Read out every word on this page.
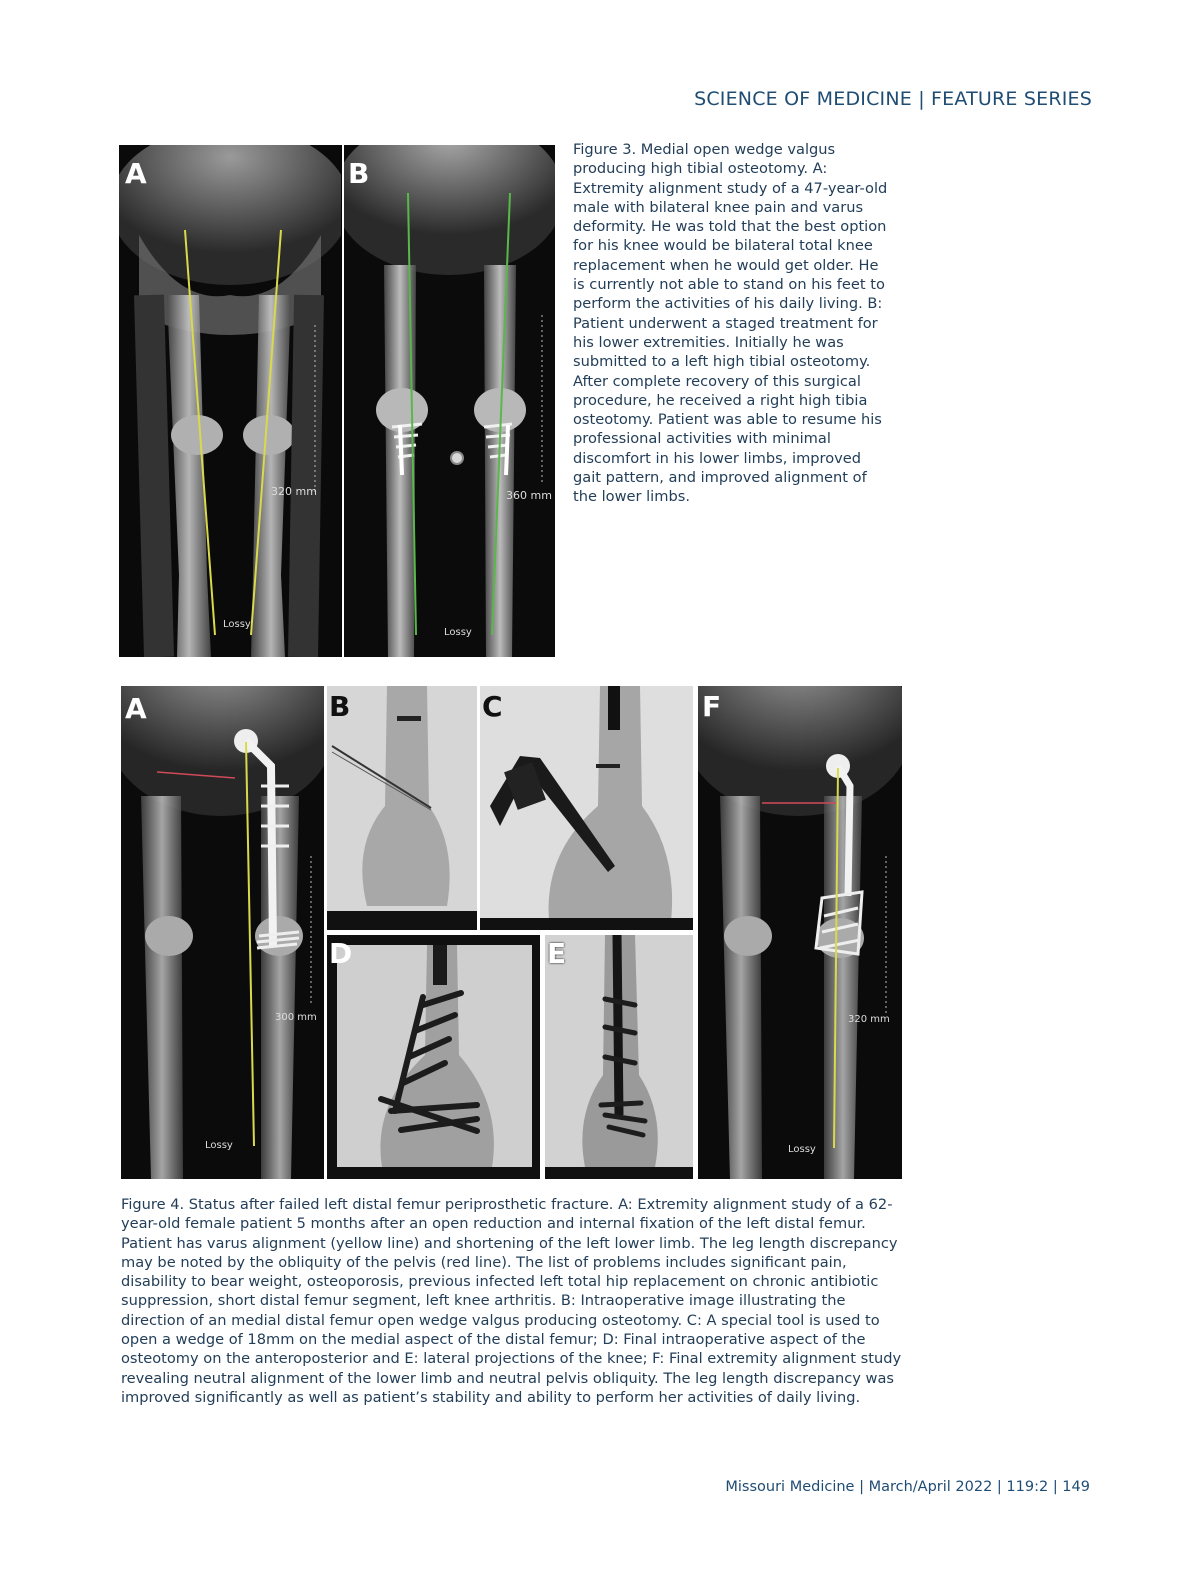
SCIENCE OF MEDICINE | FEATURE SERIES
A
320 mm
Lossy
B
360 mm
Lossy
Figure 3. Medial open wedge valgus producing high tibial osteotomy. A: Extremity alignment study of a 47-year-old male with bilateral knee pain and varus deformity. He was told that the best option for his knee would be bilateral total knee replacement when he would get older. He is currently not able to stand on his feet to perform the activities of his daily living. B: Patient underwent a staged treatment for his lower extremities. Initially he was submitted to a left high tibial osteotomy. After complete recovery of this surgical procedure, he received a right high tibia osteotomy. Patient was able to resume his professional activities with minimal discomfort in his lower limbs, improved gait pattern, and improved alignment of the lower limbs.
A
300 mm
Lossy
B	C
D	E
F
320 mm
Lossy
Figure 4. Status after failed left distal femur periprosthetic fracture. A: Extremity alignment study of a 62-year-old female patient 5 months after an open reduction and internal fixation of the left distal femur. Patient has varus alignment (yellow line) and shortening of the left lower limb. The leg length discrepancy may be noted by the obliquity of the pelvis (red line). The list of problems includes significant pain, disability to bear weight, osteoporosis, previous infected left total hip replacement on chronic antibiotic suppression, short distal femur segment, left knee arthritis. B: Intraoperative image illustrating the direction of an medial distal femur open wedge valgus producing osteotomy. C: A special tool is used to open a wedge of 18mm on the medial aspect of the distal femur; D: Final intraoperative aspect of the osteotomy on the anteroposterior and E: lateral projections of the knee; F: Final extremity alignment study revealing neutral alignment of the lower limb and neutral pelvis obliquity. The leg length discrepancy was improved significantly as well as patient’s stability and ability to perform her activities of daily living.
Missouri Medicine | March/April 2022 | 119:2 | 149
